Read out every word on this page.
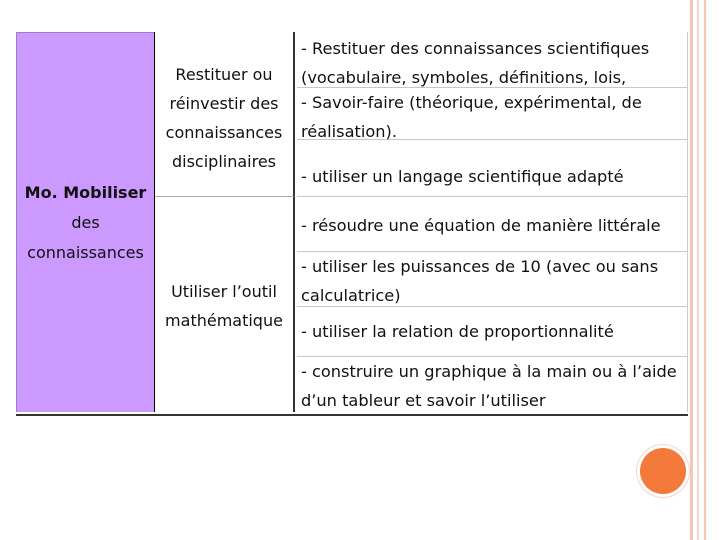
Mo. Mobiliser
des
connaissances
Restituer ou
réinvestir des
connaissances
disciplinaires
Utiliser l’outil
mathématique
- Restituer des connaissances scientifiques
(vocabulaire, symboles, définitions, lois,
- Savoir-faire (théorique, expérimental, de
réalisation).
- utiliser un langage scientifique adapté
- résoudre une équation de manière littérale
- utiliser les puissances de 10 (avec ou sans
calculatrice)
- utiliser la relation de proportionnalité
- construire un graphique à la main ou à l’aide
d’un tableur et savoir l’utiliser
